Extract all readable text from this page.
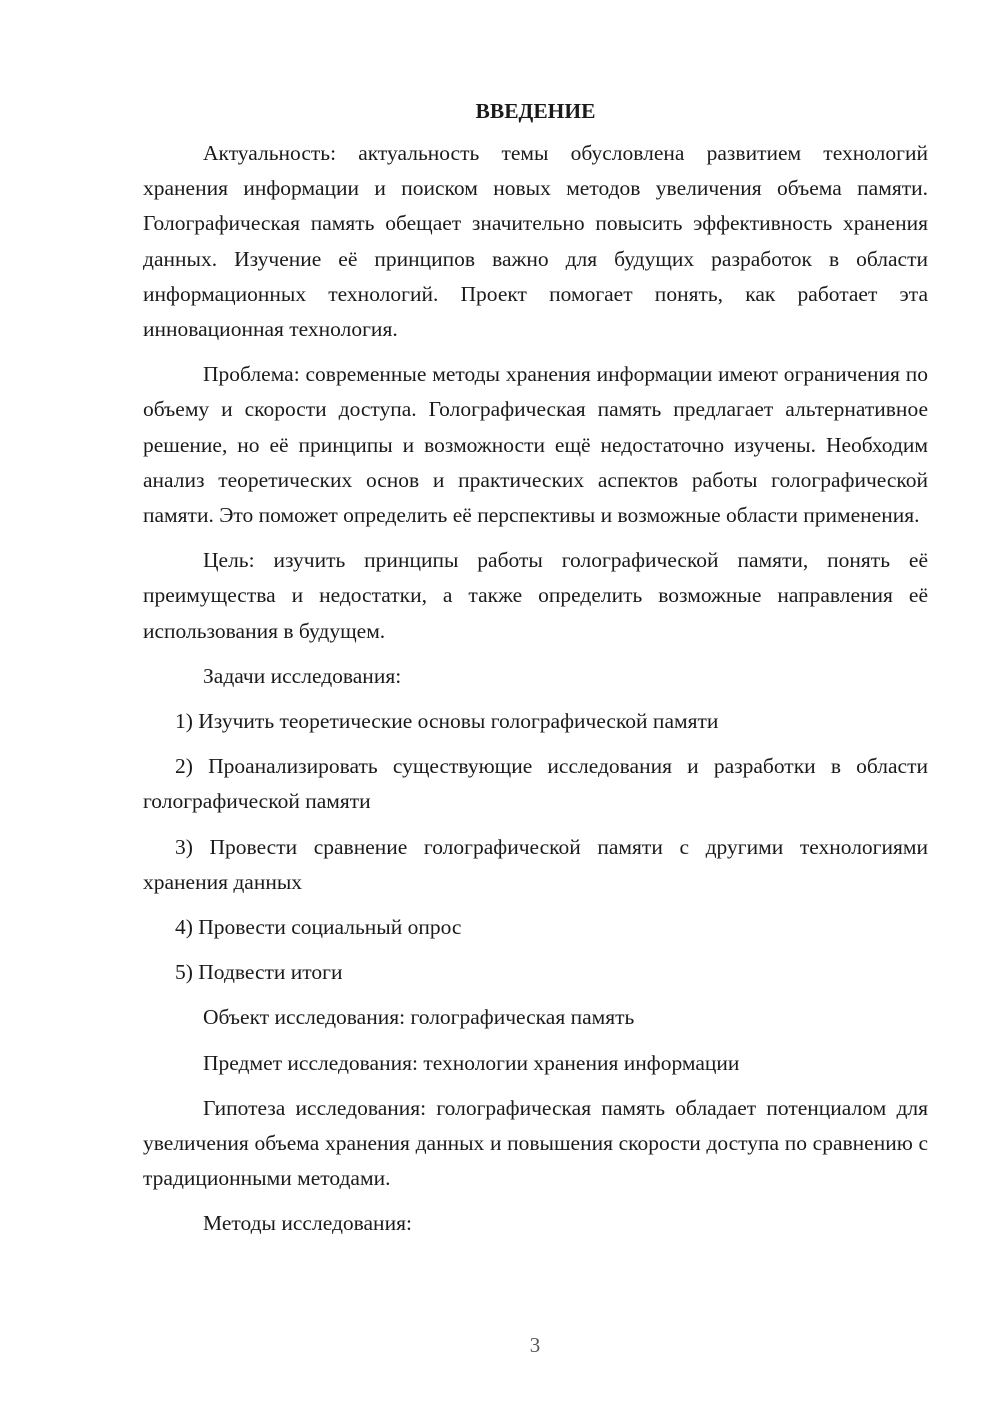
ВВЕДЕНИЕ

Актуальность: актуальность темы обусловлена развитием технологий хранения информации и поиском новых методов увеличения объема памяти. Голографическая память обещает значительно повысить эффективность хранения данных. Изучение её принципов важно для будущих разработок в области информационных технологий. Проект помогает понять, как работает эта инновационная технология.

Проблема: современные методы хранения информации имеют ограничения по объему и скорости доступа. Голографическая память предлагает альтернативное решение, но её принципы и возможности ещё недостаточно изучены. Необходим анализ теоретических основ и практических аспектов работы голографической памяти. Это поможет определить её перспективы и возможные области применения.

Цель: изучить принципы работы голографической памяти, понять её преимущества и недостатки, а также определить возможные направления её использования в будущем.

Задачи исследования:

1) Изучить теоретические основы голографической памяти

2) Проанализировать существующие исследования и разработки в области голографической памяти

3) Провести сравнение голографической памяти с другими технологиями хранения данных

4) Провести социальный опрос

5) Подвести итоги

Объект исследования: голографическая память

Предмет исследования: технологии хранения информации

Гипотеза исследования: голографическая память обладает потенциалом для увеличения объема хранения данных и повышения скорости доступа по сравнению с традиционными методами.

Методы исследования:

3
